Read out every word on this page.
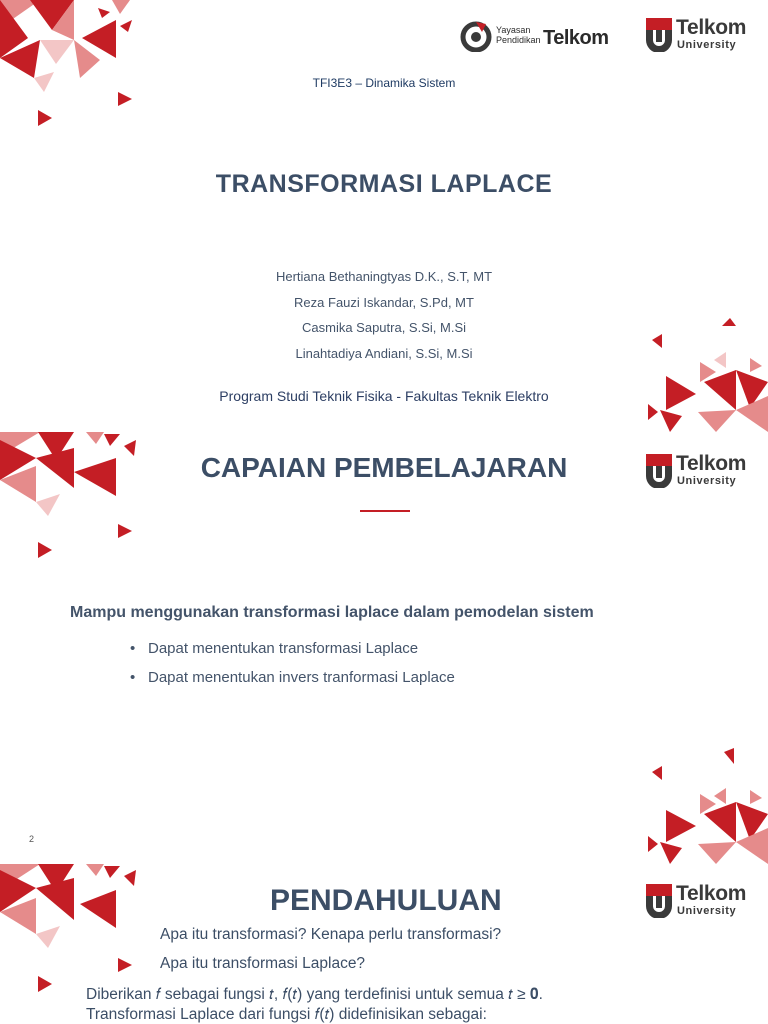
Yayasan
Pendidikan Telkom	Telkom
University
TFI3E3 – Dinamika Sistem
TRANSFORMASI LAPLACE
Hertiana Bethaningtyas D.K., S.T, MT
Reza Fauzi Iskandar, S.Pd, MT
Casmika Saputra, S.Si, M.Si
Linahtadiya Andiani, S.Si, M.Si
Program Studi Teknik Fisika - Fakultas Teknik Elektro
CAPAIAN PEMBELAJARAN	Telkom
University
Mampu menggunakan transformasi laplace dalam pemodelan sistem
• Dapat menentukan transformasi Laplace
• Dapat menentukan invers tranformasi Laplace
2
PENDAHULUAN	Telkom
University
Apa itu transformasi? Kenapa perlu transformasi?
Apa itu transformasi Laplace?
Diberikan 𝑓 sebagai fungsi 𝑡, 𝑓(𝑡) yang terdefinisi untuk semua 𝑡 ≥ 𝟎.
Transformasi Laplace dari fungsi 𝑓(𝑡) didefinisikan sebagai:
